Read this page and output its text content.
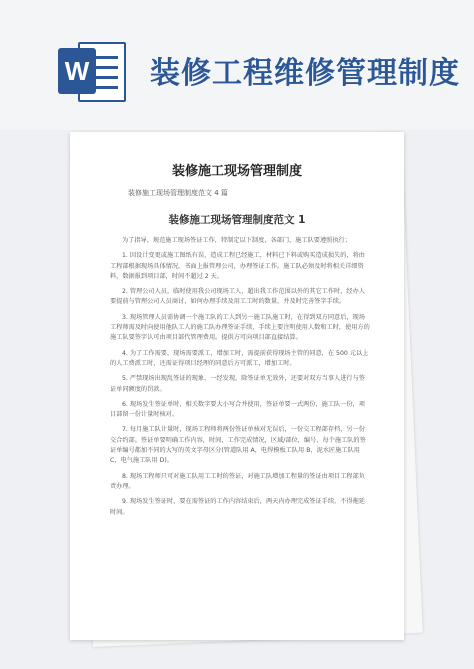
W 装修工程维修管理制度
装修施工现场管理制度
装修施工现场管理制度范文 4 篇
装修施工现场管理制度范文 1

为了指导，规范施工现场签证工作，特制定以下制度，各部门，施工队要遵照执行；

1. 因设计变更或施工图纸有误，造成工程已经施工，材料已下料或购买造成损失的，将由工程部根据现场具体情况，书面上报管理公司，办理签证工作。施工队必须及时将相关详细资料，数据报到项目部，时间不超过 2 天。

2. 管理公司人员，临时使用我公司现场工人，超出我工作范围以外的其它工作时，经办人要提前与管理公司人员商讨，如何办理手续及用工工时的数量，并及时完善签字手续。

3. 现场管理人员需协调一个施工队的工人到另一施工队施工时，在得到双方同意后，现场工程师需及时向使用他队工人的施工队办理签证手续，手续上要注明使用人数和工时，使用方的施工队要签字认可由项目部代管理费用。提供方可向项目部直接结算。

4. 为了工作需要，现场需要派工，增加工时，需提前获得现场主管的同意，在 500 元以上的人工费派工时，还需证得项目经理的同意后方可派工，增加工时。

5. 严禁现场出现乱签证的现象，一经发现，除签证单无效外，还要对双方当事人进行与签证单同额度的罚款。

6. 现场发生签证单时，相关数字要大小写合并使用，签证单要一式两份，施工队一份，项目部留一份计量时核对。

7. 每月施工队计量时，现场工程师将两份签证单核对无误后，一份交工程部存档，另一份交合约部。签证单要明确工作内容，时间，工作完成情况，区域/部位，编号，每个施工队的签证单编号都加不同的大写的英文字母区分(管道队用 A，电焊模板工队用 B，泥水匠施工队用 C，电气施工队用 D)。

8. 现场工程师只可对施工队用工工时的签证，对施工队增加工程量的签证由项目工程部负责办理。

9. 现场发生签证时，要在需签证的工作内容结束后，两天内办理完成签证手续，不得拖延时间。
